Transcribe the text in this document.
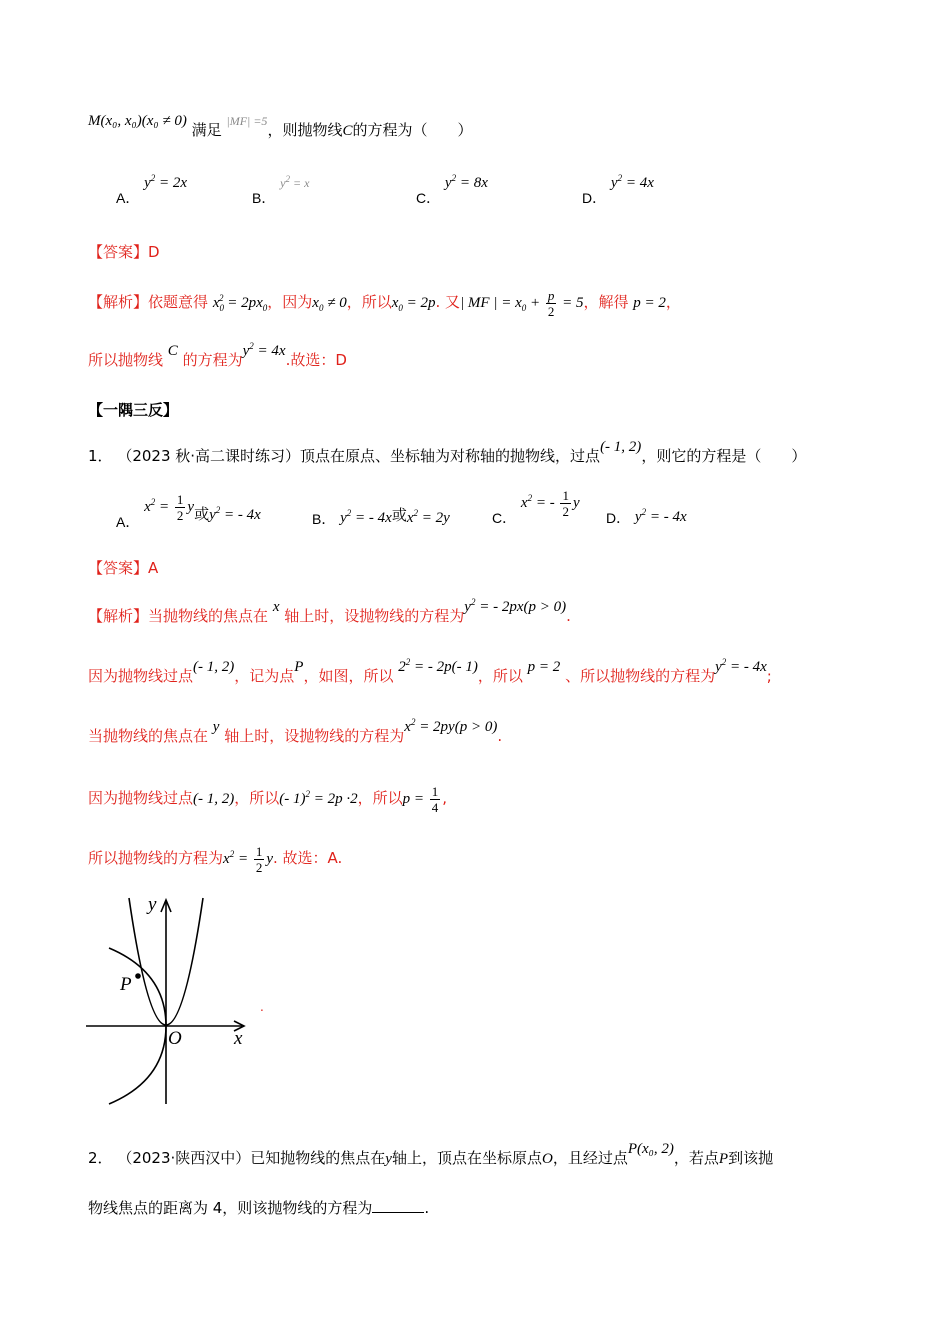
M(x₀, x₀)(x₀ ≠ 0) 满足 $^{|MF| =5}$，则抛物线C的方程为（　　）
A． $y^2 = 2x$
B． $^{y^2 = x}$
C． $y^2 = 8x$
D． $y^2 = 4x$
【答案】D
【解析】依题意得 $x_0^2 = 2px_0$，因为$x_0 \ne 0$，所以$x_0 = 2p$. 又| MF | = $x_0 + \frac{p}{2} = 5$，解得 p = 2，
所以抛物线 C 的方程为$y^2 = 4x$.故选：D
【一隅三反】
1． （2023 秋·高二课时练习）顶点在原点、坐标轴为对称轴的抛物线，过点(- 1, 2)，则它的方程是（　　）
A． $x^2 = \frac{1}{2}$ y或$y^2$ = - 4x	B． $y^2$ = - 4x或$x^2 = 2y$	C． $x^2$ = - $\frac{1}{2}$ y
D． $y^2$ = - 4x
【答案】A
【解析】当抛物线的焦点在 x 轴上时，设抛物线的方程为$y^2$ = - 2px(p > 0).
因为抛物线过点(- 1, 2)，记为点P，如图，所以 $2^2$ = - 2p(- 1)，所以 p = 2 、所以抛物线的方程为$y^2$ = - 4x;
当抛物线的焦点在 y 轴上时，设抛物线的方程为$x^2 = 2py(p > 0)$.
因为抛物线过点(- 1, 2)，所以(- 1)$^2$ = 2p ·2，所以$p = \frac{1}{4}$ ,
所以抛物线的方程为$x^2 = \frac{1}{2} y$. 故选：A.
y
x
O
P
.
2． （2023·陕西汉中）已知抛物线的焦点在y轴上，顶点在坐标原点O，且经过点P(x₀, 2)，若点P到该抛
物线焦点的距离为 4，则该抛物线的方程为	.
